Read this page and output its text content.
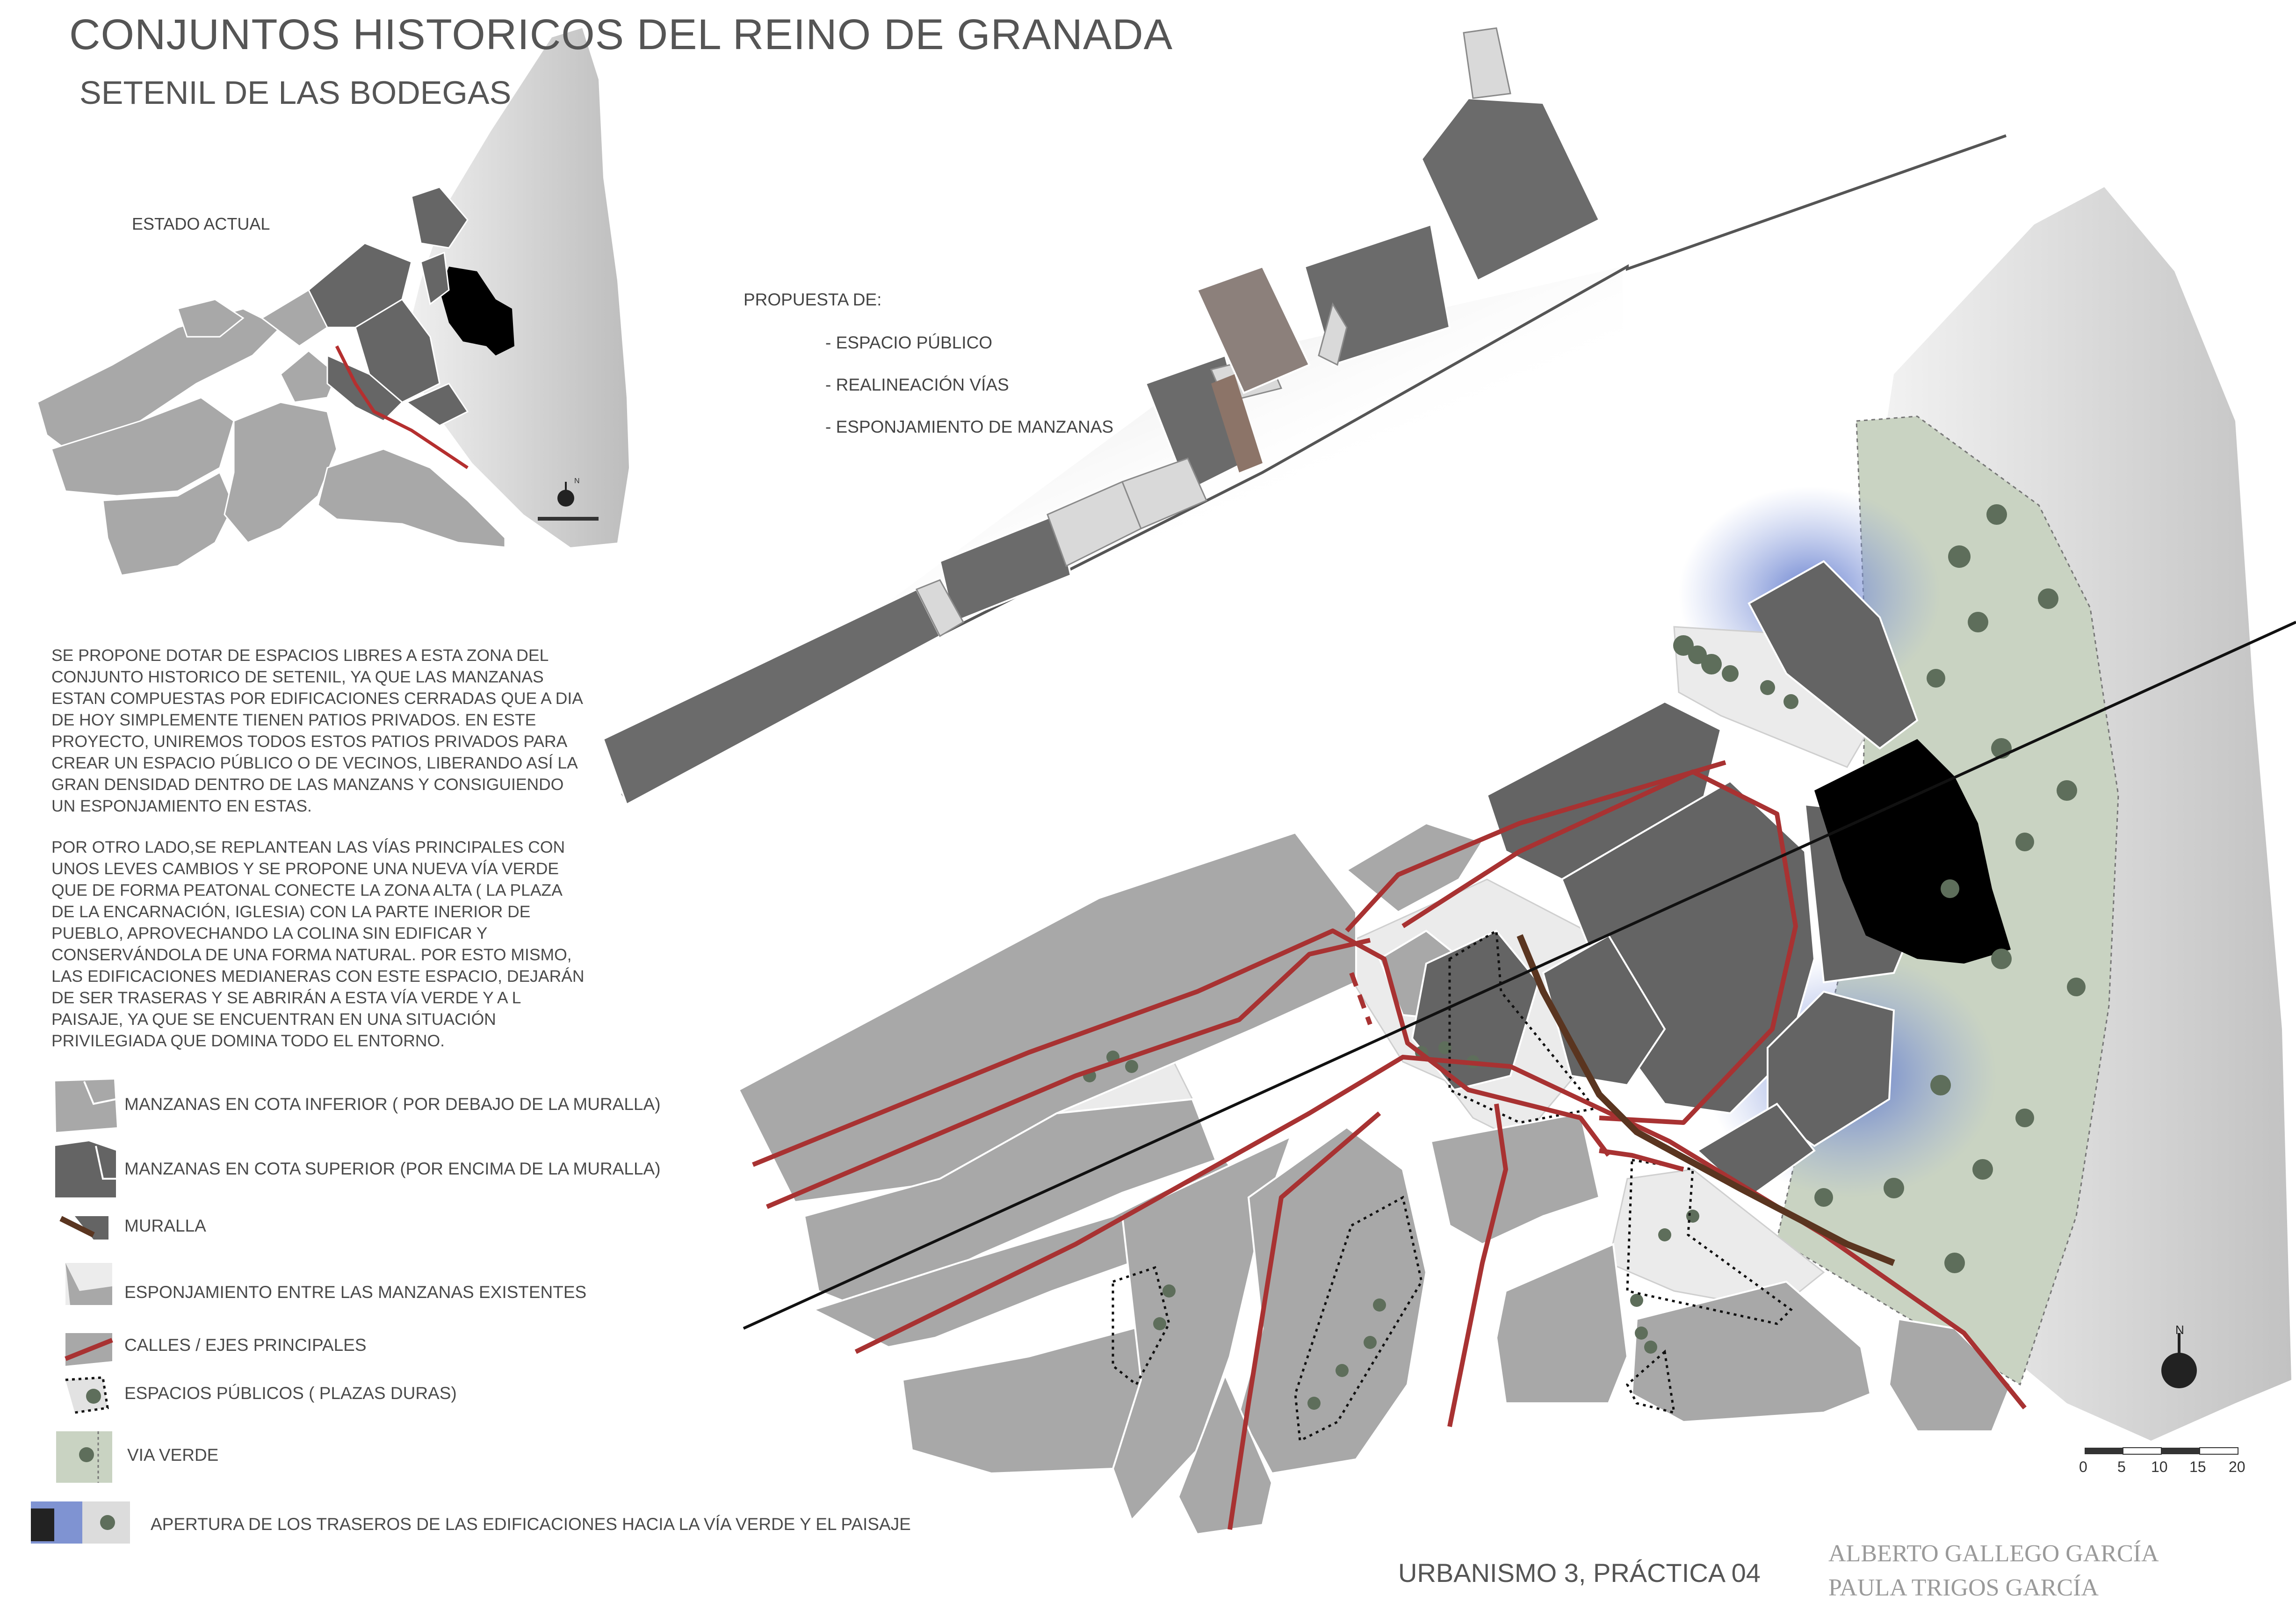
CONJUNTOS HISTORICOS DEL REINO DE GRANADA
SETENIL DE LAS BODEGAS
ESTADO ACTUAL
N
PROPUESTA DE:
- ESPACIO PÚBLICO
- REALINEACIÓN VÍAS
- ESPONJAMIENTO DE MANZANAS

SE PROPONE DOTAR DE ESPACIOS LIBRES A ESTA ZONA DEL CONJUNTO HISTORICO DE SETENIL, YA QUE LAS MANZANAS ESTAN COMPUESTAS POR EDIFICACIONES CERRADAS QUE A DIA DE HOY SIMPLEMENTE TIENEN PATIOS PRIVADOS. EN ESTE PROYECTO, UNIREMOS TODOS ESTOS PATIOS PRIVADOS PARA CREAR UN ESPACIO PÚBLICO O DE VECINOS, LIBERANDO ASÍ LA GRAN DENSIDAD DENTRO DE LAS MANZANS Y CONSIGUIENDO UN ESPONJAMIENTO EN ESTAS.

POR OTRO LADO,SE REPLANTEAN LAS VÍAS PRINCIPALES CON UNOS LEVES CAMBIOS Y SE PROPONE UNA NUEVA VÍA VERDE QUE DE FORMA PEATONAL CONECTE LA ZONA ALTA ( LA PLAZA DE LA ENCARNACIÓN, IGLESIA) CON LA PARTE INERIOR DE PUEBLO, APROVECHANDO LA COLINA SIN EDIFICAR Y CONSERVÁNDOLA DE UNA FORMA NATURAL. POR ESTO MISMO, LAS EDIFICACIONES MEDIANERAS CON ESTE ESPACIO, DEJARÁN DE SER TRASERAS Y SE ABRIRÁN A ESTA VÍA VERDE Y A L PAISAJE, YA QUE SE ENCUENTRAN EN UNA SITUACIÓN PRIVILEGIADA QUE DOMINA TODO EL ENTORNO.

MANZANAS EN COTA INFERIOR ( POR DEBAJO DE LA MURALLA)
MANZANAS EN COTA SUPERIOR (POR ENCIMA DE LA MURALLA)
MURALLA
ESPONJAMIENTO ENTRE LAS MANZANAS EXISTENTES
CALLES / EJES PRINCIPALES
ESPACIOS PÚBLICOS ( PLAZAS DURAS)
VIA VERDE
APERTURA DE LOS TRASEROS DE LAS EDIFICACIONES HACIA LA VÍA VERDE Y EL PAISAJE
N
0 5 10 15 20
URBANISMO 3, PRÁCTICA 04
ALBERTO GALLEGO GARCÍA
PAULA TRIGOS GARCÍA
